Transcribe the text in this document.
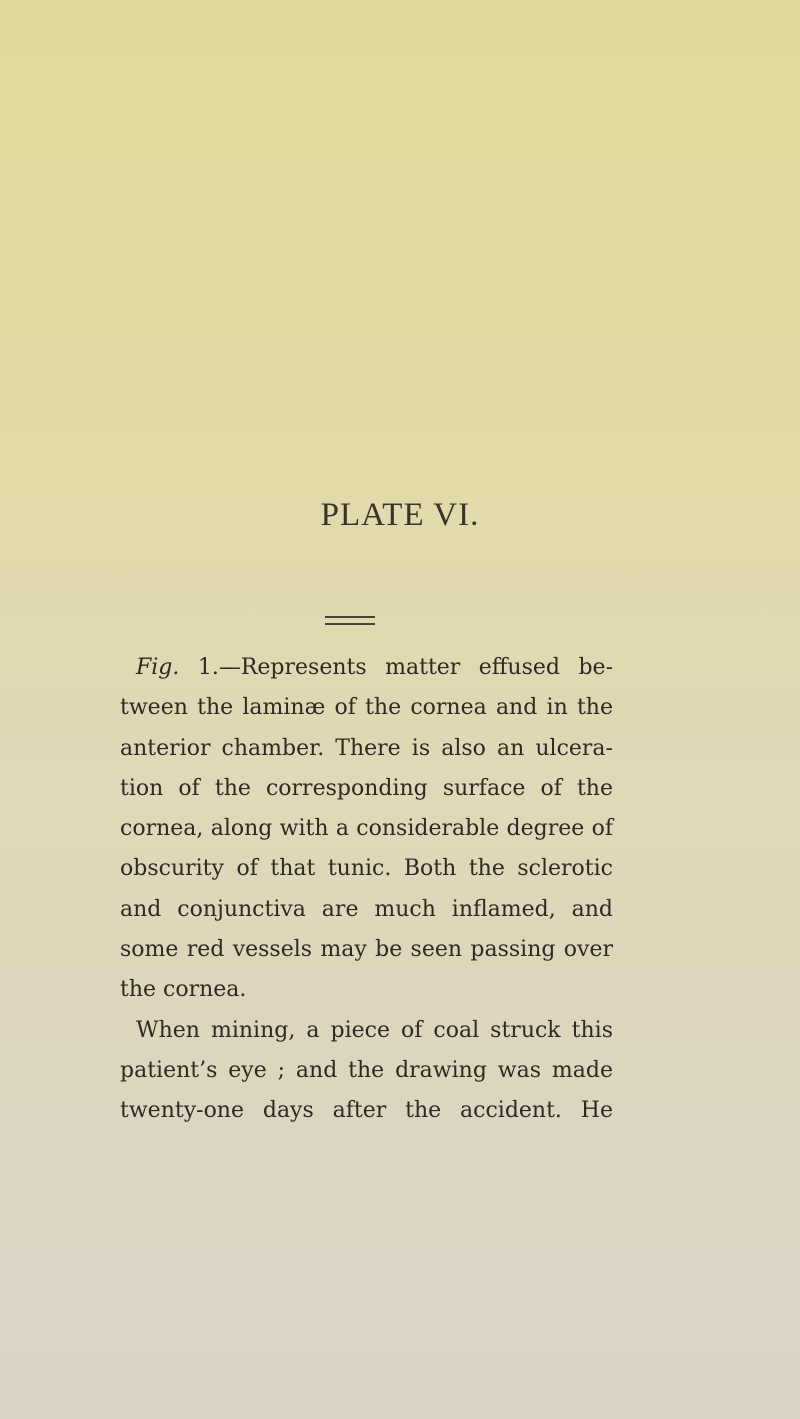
PLATE VI.

Fig. 1.—Represents matter effused be-
tween the laminæ of the cornea and in the
anterior chamber. There is also an ulcera-
tion of the corresponding surface of the
cornea, along with a considerable degree of
obscurity of that tunic. Both the sclerotic
and conjunctiva are much inflamed, and
some red vessels may be seen passing over
the cornea.

When mining, a piece of coal struck this
patient’s eye ; and the drawing was made
twenty-one days after the accident. He
